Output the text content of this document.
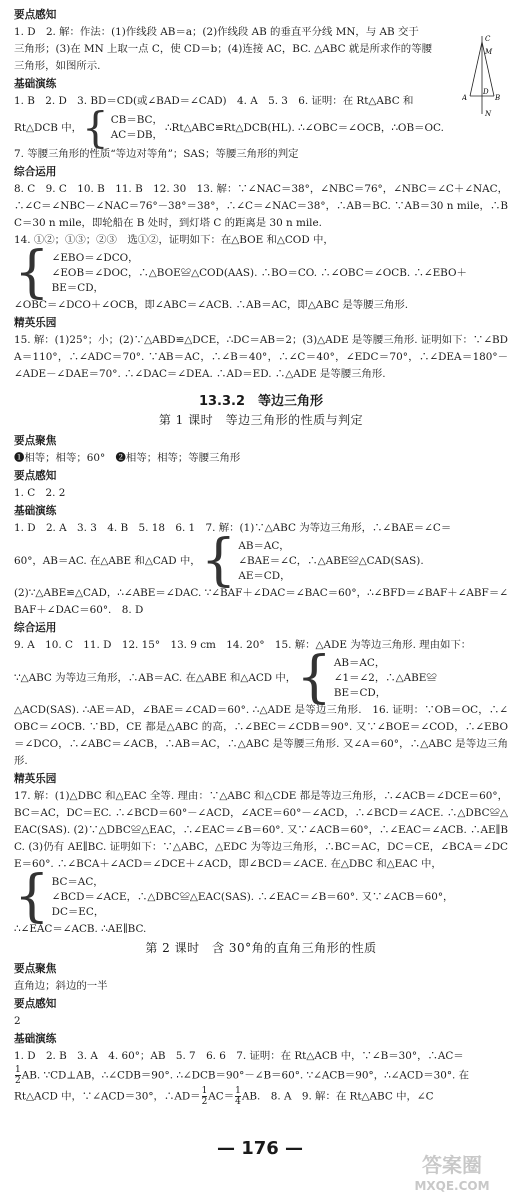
C
M
A
D
B
N
要点感知

1. D　2. 解：作法：(1)作线段 AB＝a；(2)作线段 AB 的垂直平分线 MN，与 AB 交于

三角形；(3)在 MN 上取一点 C，使 CD＝b；(4)连接 AC，BC. △ABC 就是所求作的等腰

三角形，如图所示.

基础演练

1. B　2. D　3. BD＝CD(或∠BAD＝∠CAD)　4. A　5. 3　6. 证明：在 Rt△ABC 和

Rt△DCB 中， { CB＝BC，
AC＝DB，
∴Rt△ABC≌Rt△DCB(HL). ∴∠OBC＝∠OCB，∴OB＝OC.

7. 等腰三角形的性质“等边对等角”；SAS；等腰三角形的判定

综合运用

8. C　9. C　10. B　11. B　12. 30　13. 解：∵∠NAC＝38°，∠NBC＝76°，∠NBC＝∠C＋∠NAC，∴∠C＝∠NBC－∠NAC＝76°－38°＝38°，∴∠C＝∠NAC＝38°，∴AB＝BC. ∵AB＝30 n mile，∴BC＝30 n mile，即轮船在 B 处时，到灯塔 C 的距离是 30 n mile.

14. ①②；①③；②③　选①②，证明如下：在△BOE 和△COD 中，

{ ∠EBO＝∠DCO，
∠EOB＝∠DOC，∴△BOE≌△COD(AAS). ∴BO＝CO. ∴∠OBC＝∠OCB. ∴∠EBO＋
BE＝CD，

∠OBC＝∠DCO＋∠OCB，即∠ABC＝∠ACB. ∴AB＝AC，即△ABC 是等腰三角形.

精英乐园

15. 解：(1)25°；小；(2)∵△ABD≌△DCE，∴DC＝AB＝2；(3)△ADE 是等腰三角形. 证明如下：∵∠BDA＝110°，∴∠ADC＝70°. ∵AB＝AC，∴∠B＝40°，∴∠C＝40°，∠EDC＝70°，∴∠DEA＝180°－∠ADE－∠DAE＝70°. ∴∠DAC＝∠DEA. ∴AD＝ED. ∴△ADE 是等腰三角形.

13.3.2　等边三角形
第 1 课时　等边三角形的性质与判定
要点聚焦

❶相等；相等；60°　❷相等；相等；等腰三角形

要点感知

1. C　2. 2

基础演练

1. D　2. A　3. 3　4. B　5. 18　6. 1　7. 解：(1)∵△ABC 为等边三角形，∴∠BAE＝∠C＝

60°，AB＝AC. 在△ABE 和△CAD 中， { AB＝AC，
∠BAE＝∠C，∴△ABE≌△CAD(SAS).
AE＝CD，

(2)∵△ABE≌△CAD，∴∠ABE＝∠DAC. ∵∠BAF＋∠DAC＝∠BAC＝60°，∴∠BFD＝∠BAF＋∠ABF＝∠BAF＋∠DAC＝60°.　8. D

综合运用

9. A　10. C　11. D　12. 15°　13. 9 cm　14. 20°　15. 解：△ADE 为等边三角形. 理由如下：

∵△ABC 为等边三角形，∴AB＝AC. 在△ABE 和△ACD 中， { AB＝AC，
∠1＝∠2，∴△ABE≌
BE＝CD，

△ACD(SAS). ∴AE＝AD，∠BAE＝∠CAD＝60°. ∴△ADE 是等边三角形.　16. 证明：∵OB＝OC，∴∠OBC＝∠OCB. ∵BD，CE 都是△ABC 的高，∴∠BEC＝∠CDB＝90°. 又∵∠BOE＝∠COD，∴∠EBO＝∠DCO，∴∠ABC＝∠ACB，∴AB＝AC，∴△ABC 是等腰三角形. 又∠A＝60°，∴△ABC 是等边三角形.

精英乐园

17. 解：(1)△DBC 和△EAC 全等. 理由：∵△ABC 和△CDE 都是等边三角形，∴∠ACB＝∠DCE＝60°，BC＝AC，DC＝EC. ∴∠BCD＝60°－∠ACD，∠ACE＝60°－∠ACD，∴∠BCD＝∠ACE. ∴△DBC≌△EAC(SAS). (2)∵△DBC≌△EAC，∴∠EAC＝∠B＝60°. 又∵∠ACB＝60°，∴∠EAC＝∠ACB. ∴AE∥BC. (3)仍有 AE∥BC. 证明如下：∵△ABC，△EDC 为等边三角形，∴BC＝AC，DC＝CE，∠BCA＝∠DCE＝60°. ∴∠BCA＋∠ACD＝∠DCE＋∠ACD，即∠BCD＝∠ACE. 在△DBC 和△EAC 中，

{ BC＝AC，
∠BCD＝∠ACE，∴△DBC≌△EAC(SAS). ∴∠EAC＝∠B＝60°. 又∵∠ACB＝60°，
DC＝EC，

∴∠EAC＝∠ACB. ∴AE∥BC.

第 2 课时　含 30°角的直角三角形的性质
要点聚焦

直角边；斜边的一半

要点感知

2

基础演练

1. D　2. B　3. A　4. 60°；AB　5. 7　6. 6　7. 证明：在 Rt△ACB 中，∵∠B＝30°，∴AC＝

$\frac{1}{2}$ AB. ∵CD⊥AB，∴∠CDB＝90°. ∴∠DCB＝90°－∠B＝60°. ∵∠ACB＝90°，∴∠ACD＝30°. 在

Rt△ACD 中，∵∠ACD＝30°，∴AD＝ $\frac{1}{2} AC= \frac{1}{4}$ AB.　8. A　9. 解：在 Rt△ABC 中，∠C

— 176 —
答案圈
MXQE.COM
